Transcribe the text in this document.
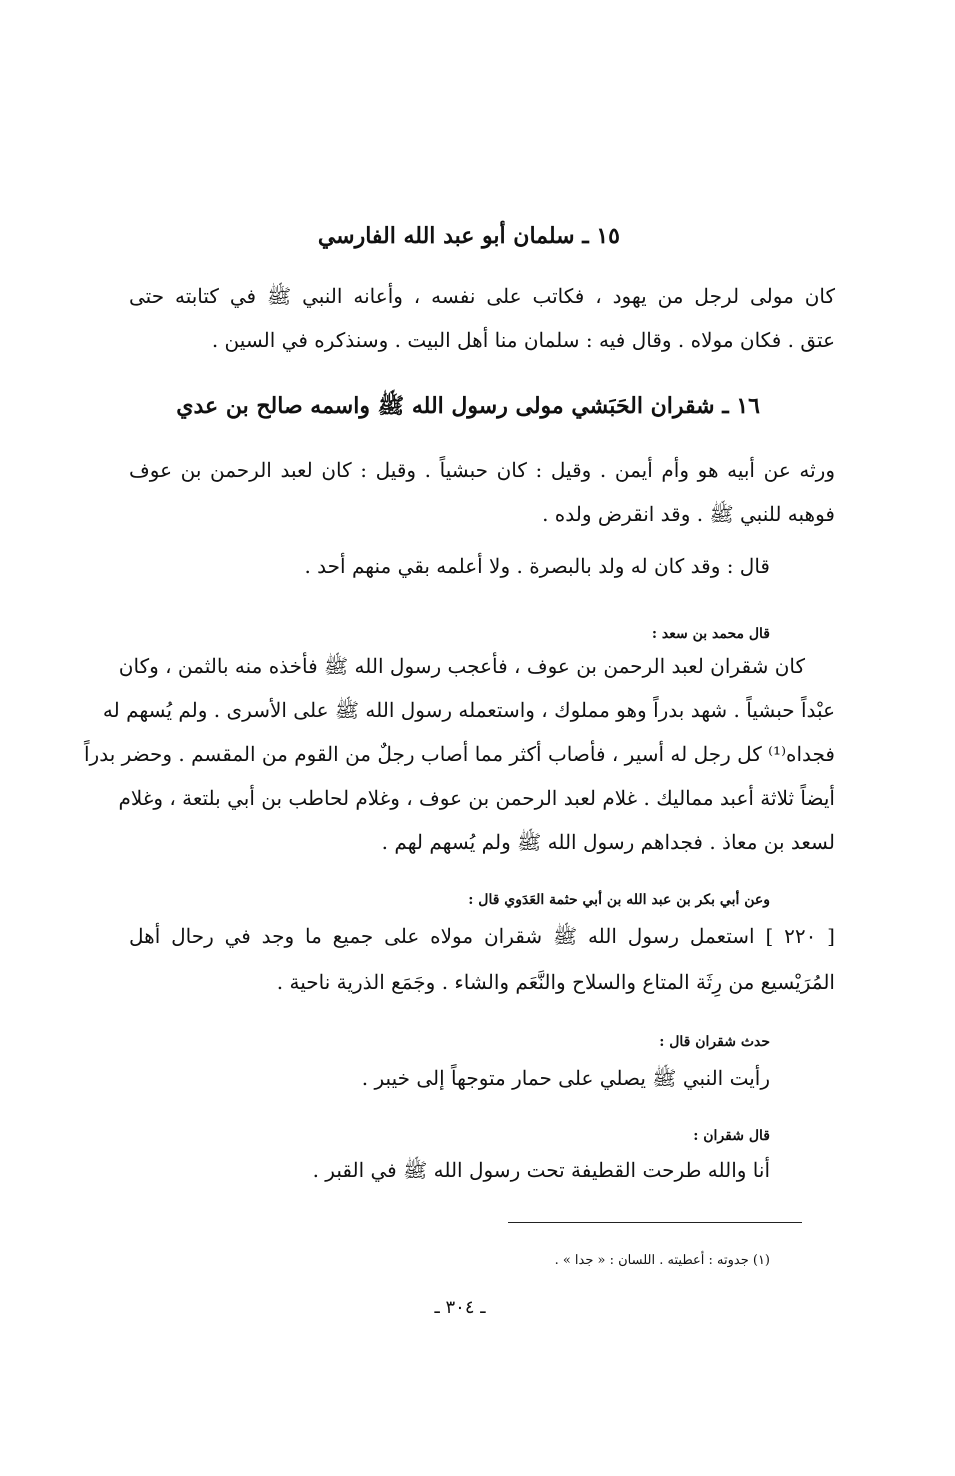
١٥ ـ سلمان أبو عبد الله الفارسي
كان مولى لرجل من يهود ، فكاتب على نفسه ، وأعانه النبي ﷺ في كتابته حتى
عتق . فكان مولاه . وقال فيه : سلمان منا أهل البيت . وسنذكره في السين .
١٦ ـ شقران الحَبَشي مولى رسول الله ﷺ واسمه صالح بن عدي
ورثه عن أبيه هو وأم أيمن . وقيل : كان حبشياً . وقيل : كان لعبد الرحمن بن عوف
فوهبه للنبي ﷺ . وقد انقرض ولده .
قال : وقد كان له ولد بالبصرة . ولا أعلمه بقي منهم أحد .
قال محمد بن سعد :
كان شقران لعبد الرحمن بن عوف ، فأعجب رسول الله ﷺ فأخذه منه بالثمن ، وكان
عبْداً حبشياً . شهد بدراً وهو مملوك ، واستعمله رسول الله ﷺ على الأسرى . ولم يُسهم له
فجداه⁽¹⁾ كل رجل له أسير ، فأصاب أكثر مما أصاب رجلٌ من القوم من المقسم . وحضر بدراً
أيضاً ثلاثة أعبد مماليك . غلام لعبد الرحمن بن عوف ، وغلام لحاطب بن أبي بلتعة ، وغلام
لسعد بن معاذ . فجداهم رسول الله ﷺ ولم يُسهم لهم .
وعن أبي بكر بن عبد الله بن أبي حثمة العَدَوي قال :
[ ٢٢٠ ] استعمل رسول الله ﷺ شقران مولاه على جميع ما وجد في رحال أهل
المُرَيْسيع من رِثَة المتاع والسلاح والنَّعَم والشاء . وجَمَع الذرية ناحية .
حدث شقران قال :
رأيت النبي ﷺ يصلي على حمار متوجهاً إلى خيبر .
قال شقران :
أنا والله طرحت القطيفة تحت رسول الله ﷺ في القبر .
(١) جدوته : أعطيته . اللسان : « جدا » .
ـ ٣٠٤ ـ
